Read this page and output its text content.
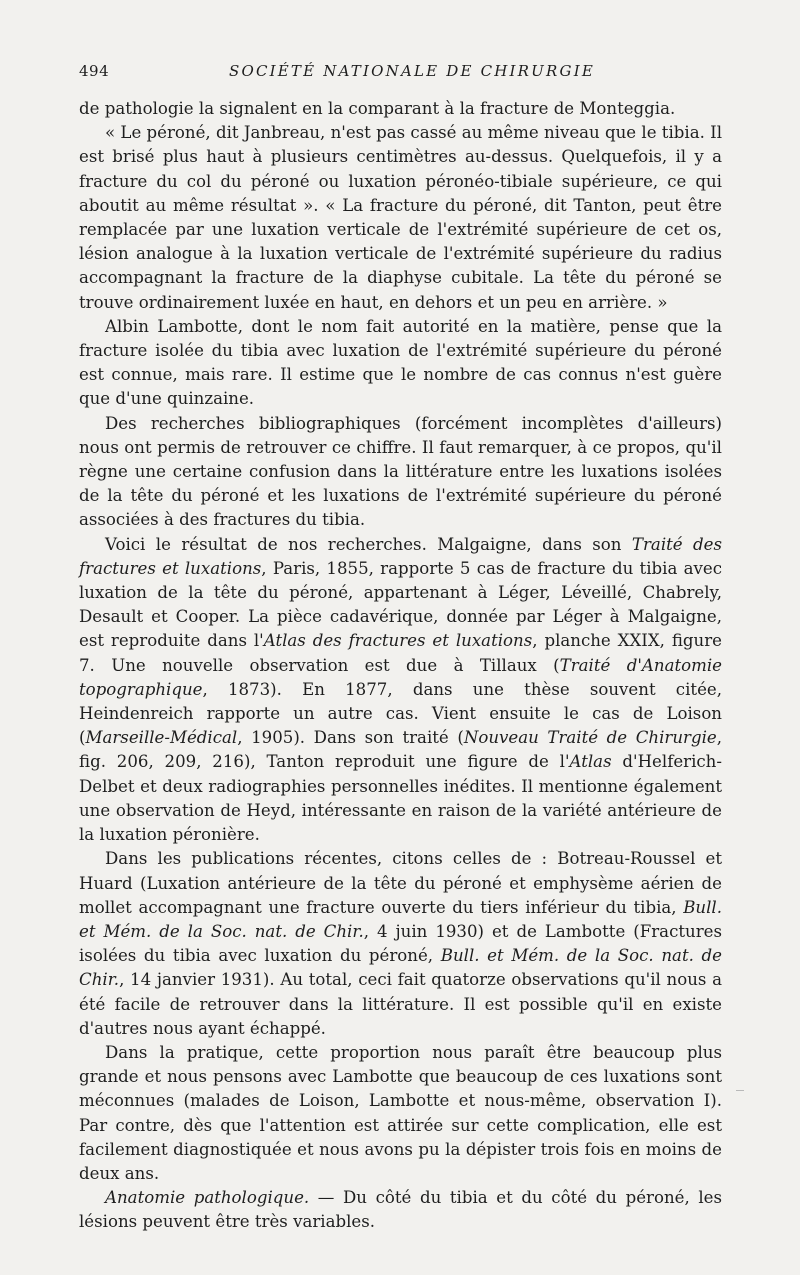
494	SOCIÉTÉ NATIONALE DE CHIRURGIE

de pathologie la signalent en la comparant à la fracture de Monteggia.

« Le péroné, dit Janbreau, n'est pas cassé au même niveau que le tibia. Il est brisé plus haut à plusieurs centimètres au-dessus. Quelquefois, il y a fracture du col du péroné ou luxation péronéo-tibiale supérieure, ce qui aboutit au même résultat ». « La fracture du péroné, dit Tanton, peut être remplacée par une luxation verticale de l'extrémité supérieure de cet os, lésion analogue à la luxation verticale de l'extrémité supérieure du radius accompagnant la fracture de la diaphyse cubitale. La tête du péroné se trouve ordinairement luxée en haut, en dehors et un peu en arrière. »

Albin Lambotte, dont le nom fait autorité en la matière, pense que la fracture isolée du tibia avec luxation de l'extrémité supérieure du péroné est connue, mais rare. Il estime que le nombre de cas connus n'est guère que d'une quinzaine.

Des recherches bibliographiques (forcément incomplètes d'ailleurs) nous ont permis de retrouver ce chiffre. Il faut remarquer, à ce propos, qu'il règne une certaine confusion dans la littérature entre les luxations isolées de la tête du péroné et les luxations de l'extrémité supérieure du péroné associées à des fractures du tibia.

Voici le résultat de nos recherches. Malgaigne, dans son Traité des fractures et luxations, Paris, 1855, rapporte 5 cas de fracture du tibia avec luxation de la tête du péroné, appartenant à Léger, Léveillé, Chabrely, Desault et Cooper. La pièce cadavérique, donnée par Léger à Malgaigne, est reproduite dans l'Atlas des fractures et luxations, planche XXIX, figure 7. Une nouvelle observation est due à Tillaux (Traité d'Anatomie topographique, 1873). En 1877, dans une thèse souvent citée, Heindenreich rapporte un autre cas. Vient ensuite le cas de Loison (Marseille-Médical, 1905). Dans son traité (Nouveau Traité de Chirurgie, fig. 206, 209, 216), Tanton reproduit une figure de l'Atlas d'Helferich-Delbet et deux radiographies personnelles inédites. Il mentionne également une observation de Heyd, intéressante en raison de la variété antérieure de la luxation péronière.

Dans les publications récentes, citons celles de : Botreau-Roussel et Huard (Luxation antérieure de la tête du péroné et emphysème aérien de mollet accompagnant une fracture ouverte du tiers inférieur du tibia, Bull. et Mém. de la Soc. nat. de Chir., 4 juin 1930) et de Lambotte (Fractures isolées du tibia avec luxation du péroné, Bull. et Mém. de la Soc. nat. de Chir., 14 janvier 1931). Au total, ceci fait quatorze observations qu'il nous a été facile de retrouver dans la littérature. Il est possible qu'il en existe d'autres nous ayant échappé.

Dans la pratique, cette proportion nous paraît être beaucoup plus grande et nous pensons avec Lambotte que beaucoup de ces luxations sont méconnues (malades de Loison, Lambotte et nous-même, observation I). Par contre, dès que l'attention est attirée sur cette complication, elle est facilement diagnostiquée et nous avons pu la dépister trois fois en moins de deux ans.

Anatomie pathologique. — Du côté du tibia et du côté du péroné, les lésions peuvent être très variables.
